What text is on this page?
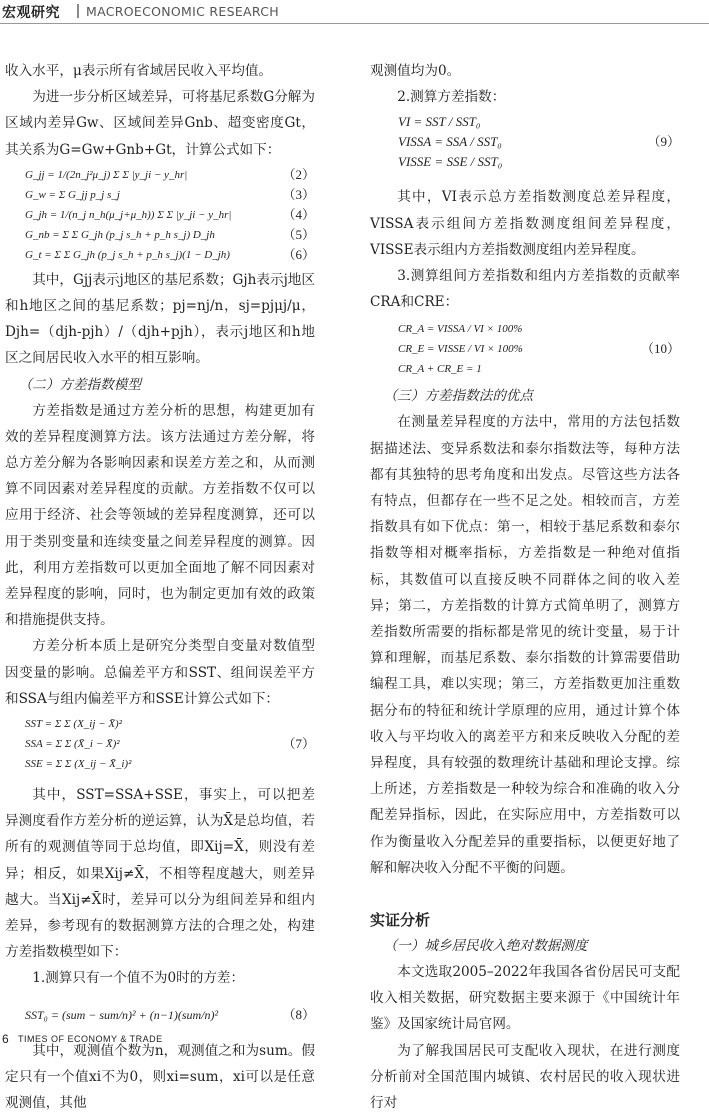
宏观研究 MACROECONOMIC RESEARCH

收入水平，μ表示所有省域居民收入平均值。

为进一步分析区域差异，可将基尼系数G分解为区域内差异Gw、区域间差异Gnb、超变密度Gt，其关系为G=Gw+Gnb+Gt，计算公式如下：

G_jj = 1/(2n_j²μ_j) Σ Σ |y_ji − y_hr|	（2）
G_w = Σ G_jj p_j s_j	（3）
G_jh = 1/(n_j n_h(μ_j+μ_h)) Σ Σ |y_ji − y_hr|	（4）
G_nb = Σ Σ G_jh (p_j s_h + p_h s_j) D_jh	（5）
G_t = Σ Σ G_jh (p_j s_h + p_h s_j)(1 − D_jh)	（6）

其中，Gjj表示j地区的基尼系数；Gjh表示j地区和h地区之间的基尼系数；pj=nj/n，sj=pjμj/μ，Djh=（djh-pjh）/（djh+pjh），表示j地区和h地区之间居民收入水平的相互影响。

（二）方差指数模型

方差指数是通过方差分析的思想，构建更加有效的差异程度测算方法。该方法通过方差分解，将总方差分解为各影响因素和误差方差之和，从而测算不同因素对差异程度的贡献。方差指数不仅可以应用于经济、社会等领域的差异程度测算，还可以用于类别变量和连续变量之间差异程度的测算。因此，利用方差指数可以更加全面地了解不同因素对差异程度的影响，同时，也为制定更加有效的政策和措施提供支持。

方差分析本质上是研究分类型自变量对数值型因变量的影响。总偏差平方和SST、组间误差平方和SSA与组内偏差平方和SSE计算公式如下：

SST = Σ Σ (X_ij − X̄)²
SSA = Σ Σ (X̄_i − X̄)²	（7）
SSE = Σ Σ (X_ij − X̄_i)²

其中，SST=SSA+SSE，事实上，可以把差异测度看作方差分析的逆运算，认为X̄是总均值，若所有的观测值等同于总均值，即Xij=X̄，则没有差异；相反，如果Xij≠X̄，不相等程度越大，则差异越大。当Xij≠X̄时，差异可以分为组间差异和组内差异，参考现有的数据测算方法的合理之处，构建方差指数模型如下：

1.测算只有一个值不为0时的方差：

SST₀ = (sum − sum/n)² + (n−1)(sum/n)²	（8）

其中，观测值个数为n，观测值之和为sum。假定只有一个值xi不为0，则xi=sum，xi可以是任意观测值，其他

观测值均为0。

2.测算方差指数：

VI = SST / SST₀
VISSA = SSA / SST₀	（9）
VISSE = SSE / SST₀

其中，VI表示总方差指数测度总差异程度，VISSA表示组间方差指数测度组间差异程度，VISSE表示组内方差指数测度组内差异程度。

3.测算组间方差指数和组内方差指数的贡献率CRA和CRE：

CR_A = VISSA / VI × 100%
CR_E = VISSE / VI × 100%	（10）
CR_A + CR_E = 1

（三）方差指数法的优点

在测量差异程度的方法中，常用的方法包括数据描述法、变异系数法和泰尔指数法等，每种方法都有其独特的思考角度和出发点。尽管这些方法各有特点，但都存在一些不足之处。相较而言，方差指数具有如下优点：第一，相较于基尼系数和泰尔指数等相对概率指标，方差指数是一种绝对值指标，其数值可以直接反映不同群体之间的收入差异；第二，方差指数的计算方式简单明了，测算方差指数所需要的指标都是常见的统计变量，易于计算和理解，而基尼系数、泰尔指数的计算需要借助编程工具，难以实现；第三，方差指数更加注重数据分布的特征和统计学原理的应用，通过计算个体收入与平均收入的离差平方和来反映收入分配的差异程度，具有较强的数理统计基础和理论支撑。综上所述，方差指数是一种较为综合和准确的收入分配差异指标，因此，在实际应用中，方差指数可以作为衡量收入分配差异的重要指标，以便更好地了解和解决收入分配不平衡的问题。

实证分析

（一）城乡居民收入绝对数据测度

本文选取2005–2022年我国各省份居民可支配收入相关数据，研究数据主要来源于《中国统计年鉴》及国家统计局官网。

为了解我国居民可支配收入现状，在进行测度分析前对全国范围内城镇、农村居民的收入现状进行对

6 TIMES OF ECONOMY & TRADE
